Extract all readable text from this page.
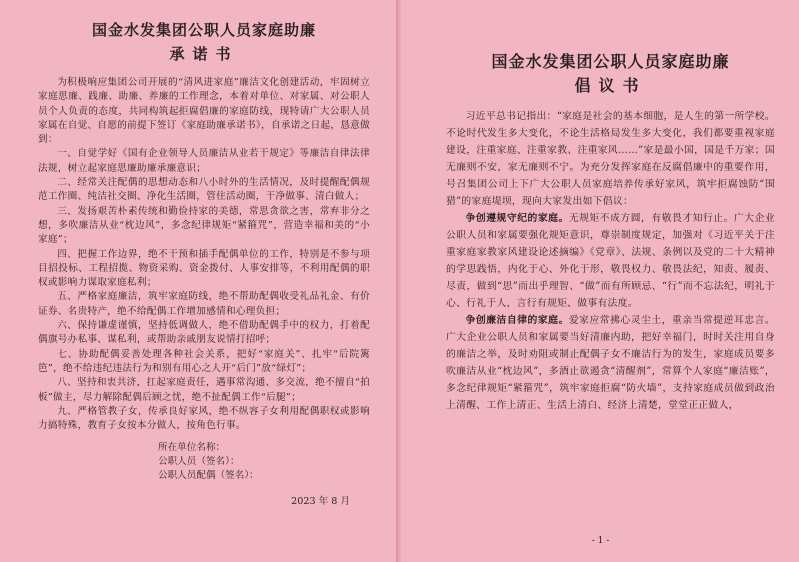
国金水发集团公职人员家庭助廉
承诺书

为积极响应集团公司开展的“清风进家庭”廉洁文化创建活动，牢固树立家庭思廉、践廉、助廉、养廉的工作理念，本着对单位、对家属、对公职人员个人负责的态度，共同构筑起拒腐倡廉的家庭防线，现特请广大公职人员家属在自觉、自愿的前提下签订《家庭助廉承诺书》，自承诺之日起，恳意做到：

一、自觉学好《国有企业领导人员廉洁从业若干规定》等廉洁自律法律法规，树立起家庭思廉助廉承廉意识；

二、经常关注配偶的思想动态和八小时外的生活情况，及时提醒配偶规范工作圈、纯洁社交圈、净化生活圈，管住活动圈，干净做事、清白做人；

三、发扬艰苦朴素传统和勤俭持家的美德，常思贪欲之害，常弃非分之想，多吹廉洁从业“枕边风”，多念纪律规矩“紧箍咒”，营造幸福和美的“小家庭”；

四、把握工作边界，绝不干预和插手配偶单位的工作，特别是不参与项目招投标、工程招揽、物资采购、资金拨付、人事安排等，不利用配偶的职权或影响力谋取家庭私利；

五、严格家庭廉洁，筑牢家庭防线，绝不帮助配偶收受礼品礼金、有价证券、名贵特产，绝不给配偶工作增加感情和心理负担；

六、保持谦虚谨慎，坚持低调做人，绝不借助配偶手中的权力，打着配偶旗号办私事、谋私利，或帮助亲戚朋友说情打招呼；

七、协助配偶妥善处理各种社会关系，把好“家庭关”、扎牢“后院篱笆”，绝不给违纪违法行为和别有用心之人开“后门”放“绿灯”；

八、坚持和衷共济，扛起家庭责任，遇事常沟通、多交流，绝不擅自“拍板”做主，尽力解除配偶后顾之忧，绝不扯配偶工作“后腿”；

九、严格管教子女，传承良好家风，绝不纵容子女利用配偶职权或影响力搞特殊，教育子女按本分做人，按角色行事。

所在单位名称：
公职人员（签名）：
公职人员配偶（签名）：
2023 年 8 月
国金水发集团公职人员家庭助廉
倡议书

习近平总书记指出：“家庭是社会的基本细胞，是人生的第一所学校。不论时代发生多大变化，不论生活格局发生多大变化，我们都要重视家庭建设，注重家庭、注重家教、注重家风……”家是最小国，国是千万家；国无廉则不安，家无廉则不宁。为充分发挥家庭在反腐倡廉中的重要作用，号召集团公司上下广大公职人员家庭培养传承好家风，筑牢拒腐蚀防“围猎”的家庭堤坝，现向大家发出如下倡议：

争创遵规守纪的家庭。无规矩不成方圆，有敬畏才知行止。广大企业公职人员和家属要强化规矩意识，尊崇制度规定，加强对《习近平关于注重家庭家教家风建设论述摘编》《党章》、法规、条例以及党的二十大精神的学思践悟，内化于心、外化于形，敬畏权力、敬畏法纪，知责、履责、尽责，做到“思”而出乎理智、“做”而有所顾忌、“行”而不忘法纪，明礼于心、行礼于人，言行有规矩、做事有法度。

争创廉洁自律的家庭。爱家应常拂心灵尘土，重亲当常提逆耳忠言。广大企业公职人员和家属要当好清廉内助，把好幸福门，时时关注用自身的廉洁之举，及时劝阻或制止配偶子女不廉洁行为的发生，家庭成员要多吹廉洁从业“枕边风”，多酒止欲遏贪“清醒剂”，常算个人家庭“廉洁账”，多念纪律规矩“紧箍咒”，筑牢家庭拒腐“防火墙”，支持家庭成员做到政治上清醒、工作上清正、生活上清白、经济上清楚，堂堂正正做人，

- 1 -
